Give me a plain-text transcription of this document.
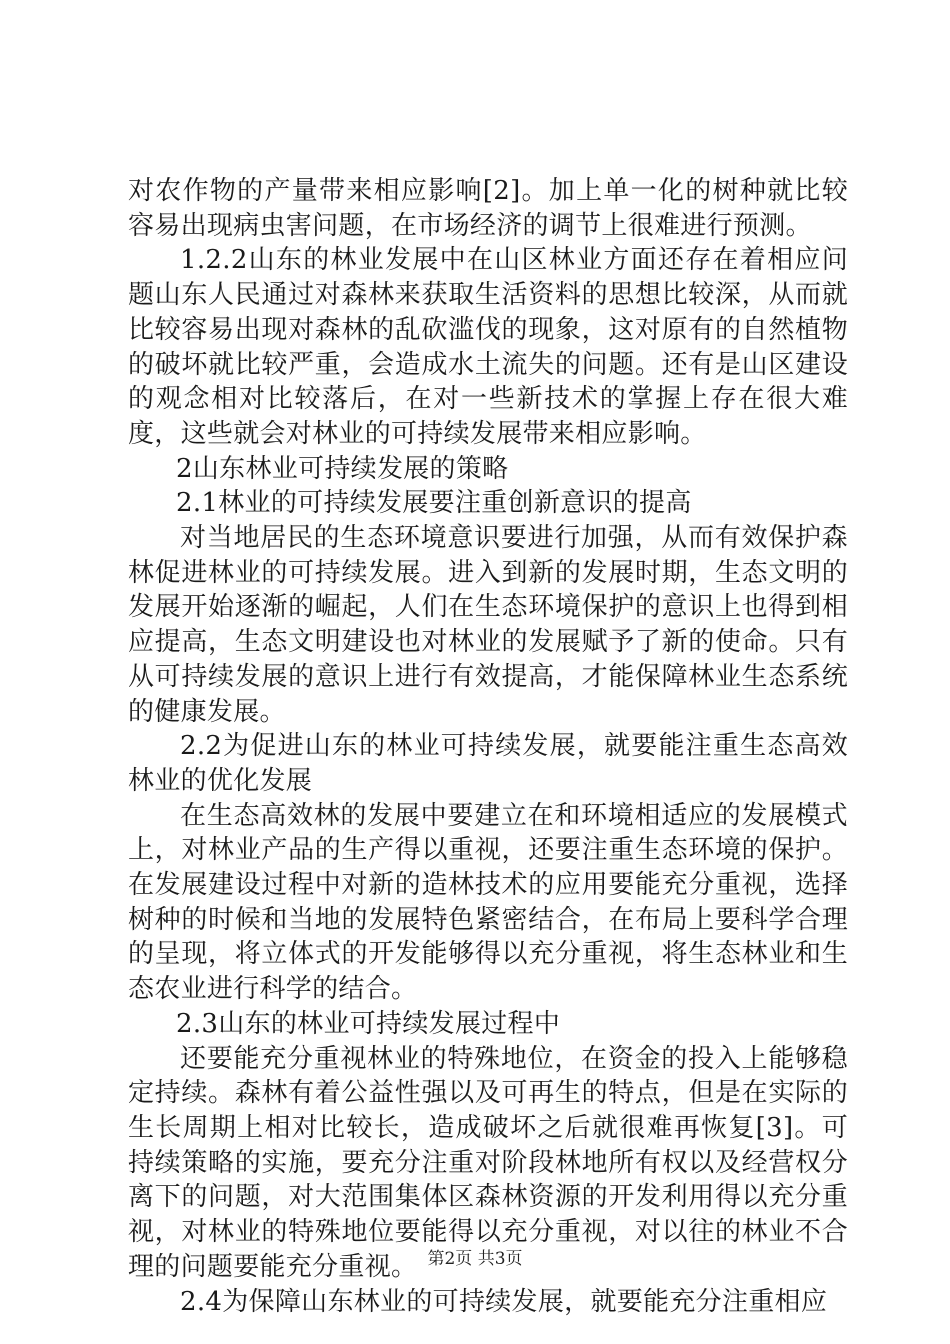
对农作物的产量带来相应影响[2]。加上单一化的树种就比较容易出现病虫害问题，在市场经济的调节上很难进行预测。

1.2.2山东的林业发展中在山区林业方面还存在着相应问题山东人民通过对森林来获取生活资料的思想比较深，从而就比较容易出现对森林的乱砍滥伐的现象，这对原有的自然植物的破坏就比较严重，会造成水土流失的问题。还有是山区建设的观念相对比较落后，在对一些新技术的掌握上存在很大难度，这些就会对林业的可持续发展带来相应影响。

2山东林业可持续发展的策略

2.1林业的可持续发展要注重创新意识的提高

对当地居民的生态环境意识要进行加强，从而有效保护森林促进林业的可持续发展。进入到新的发展时期，生态文明的发展开始逐渐的崛起，人们在生态环境保护的意识上也得到相应提高，生态文明建设也对林业的发展赋予了新的使命。只有从可持续发展的意识上进行有效提高，才能保障林业生态系统的健康发展。

2.2为促进山东的林业可持续发展，就要能注重生态高效林业的优化发展

在生态高效林的发展中要建立在和环境相适应的发展模式上，对林业产品的生产得以重视，还要注重生态环境的保护。在发展建设过程中对新的造林技术的应用要能充分重视，选择树种的时候和当地的发展特色紧密结合，在布局上要科学合理的呈现，将立体式的开发能够得以充分重视，将生态林业和生态农业进行科学的结合。

2.3山东的林业可持续发展过程中

还要能充分重视林业的特殊地位，在资金的投入上能够稳定持续。森林有着公益性强以及可再生的特点，但是在实际的生长周期上相对比较长，造成破坏之后就很难再恢复[3]。可持续策略的实施，要充分注重对阶段林地所有权以及经营权分离下的问题，对大范围集体区森林资源的开发利用得以充分重视，对林业的特殊地位要能得以充分重视，对以往的林业不合理的问题要能充分重视。

2.4为保障山东林业的可持续发展，就要能充分注重相应

第2页 共3页
